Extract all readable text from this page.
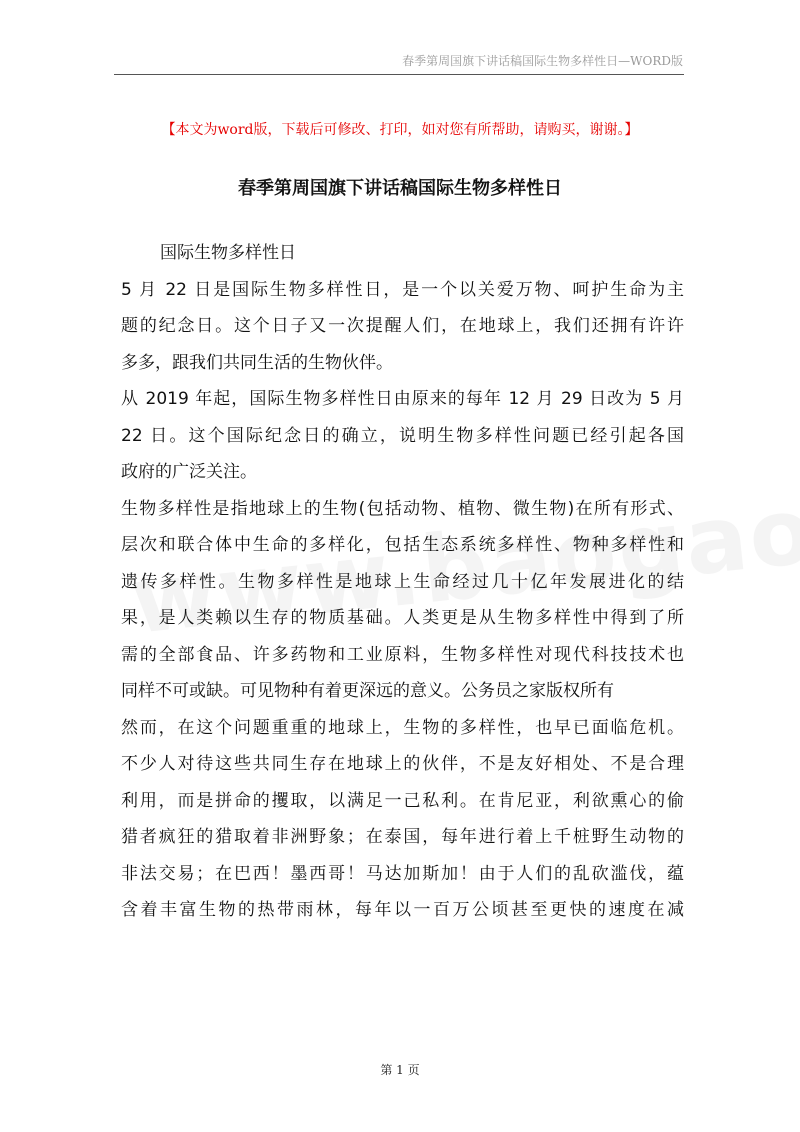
春季第周国旗下讲话稿国际生物多样性日—WORD版
【本文为word版，下载后可修改、打印，如对您有所帮助，请购买，谢谢。】
春季第周国旗下讲话稿国际生物多样性日
国际生物多样性日
5 月 22 日是国际生物多样性日，是一个以关爱万物、呵护生命为主
题的纪念日。这个日子又一次提醒人们，在地球上，我们还拥有许许
多多，跟我们共同生活的生物伙伴。
从 2019 年起，国际生物多样性日由原来的每年 12 月 29 日改为 5 月
22 日。这个国际纪念日的确立，说明生物多样性问题已经引起各国
政府的广泛关注。
生物多样性是指地球上的生物(包括动物、植物、微生物)在所有形式、
层次和联合体中生命的多样化，包括生态系统多样性、物种多样性和
遗传多样性。生物多样性是地球上生命经过几十亿年发展进化的结
果，是人类赖以生存的物质基础。人类更是从生物多样性中得到了所
需的全部食品、许多药物和工业原料，生物多样性对现代科技技术也
同样不可或缺。可见物种有着更深远的意义。公务员之家版权所有
然而，在这个问题重重的地球上，生物的多样性，也早已面临危机。
不少人对待这些共同生存在地球上的伙伴，不是友好相处、不是合理
利用，而是拼命的攫取，以满足一己私利。在肯尼亚，利欲熏心的偷
猎者疯狂的猎取着非洲野象；在泰国，每年进行着上千桩野生动物的
非法交易；在巴西！墨西哥！马达加斯加！由于人们的乱砍滥伐，蕴
含着丰富生物的热带雨林，每年以一百万公顷甚至更快的速度在减
第 1 页
